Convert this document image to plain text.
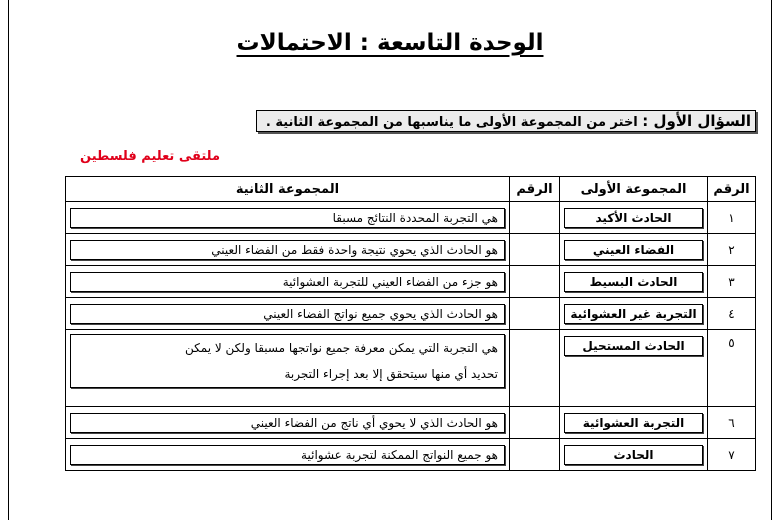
الوحدة التاسعة : الاحتمالات
السؤال الأول : اختر من المجموعة الأولى ما يناسبها من المجموعة الثانية .
ملتقى تعليم فلسطين
الرقم	المجموعة الأولى	الرقم	المجموعة الثانية
١	الحادث الأكيد		هي التجربة المحددة النتائج مسبقا

٢	الفضاء العيني		هو الحادث الذي يحوي نتيجة واحدة فقط من الفضاء العيني

٣	الحادث البسيط		هو جزء من الفضاء العيني للتجربة العشوائية

٤	التجربة غير العشوائية		هو الحادث الذي يحوي جميع نواتج الفضاء العيني

٥	الحادث المستحيل		هي التجربة التي يمكن معرفة جميع نواتجها مسبقا ولكن لا يمكن
تحديد أي منها سيتحقق إلا بعد إجراء التجربة

٦	التجربة العشوائية		هو الحادث الذي لا يحوي أي ناتج من الفضاء العيني

٧	الحادث		هو جميع النواتج الممكنة لتجربة عشوائية
